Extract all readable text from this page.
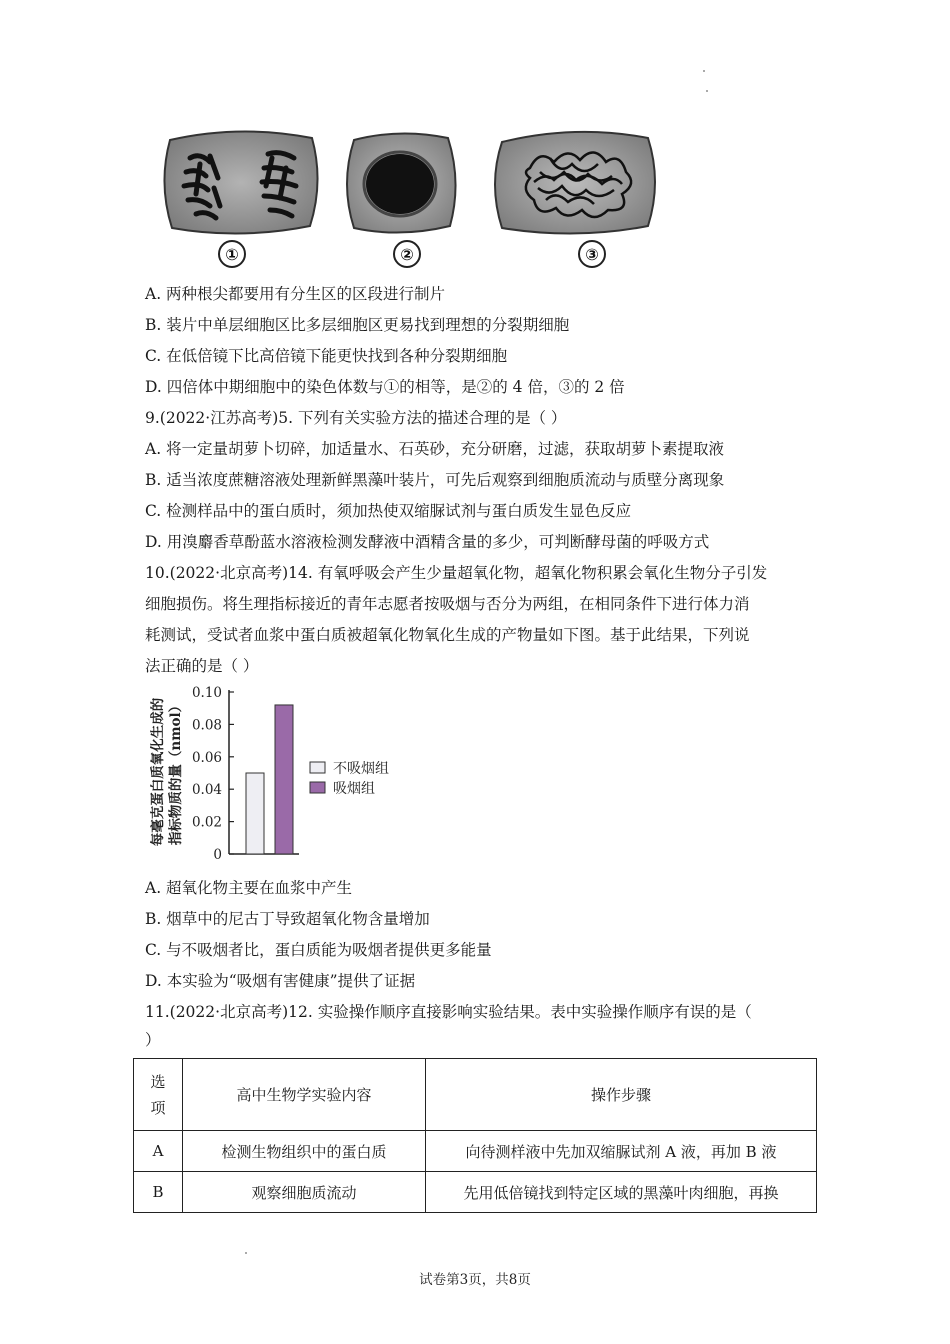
①	②	③
A. 两种根尖都要用有分生区的区段进行制片
B. 装片中单层细胞区比多层细胞区更易找到理想的分裂期细胞
C. 在低倍镜下比高倍镜下能更快找到各种分裂期细胞
D. 四倍体中期细胞中的染色体数与①的相等，是②的 4 倍，③的 2 倍
9.(2022·江苏高考)5. 下列有关实验方法的描述合理的是（ ）
A. 将一定量胡萝卜切碎，加适量水、石英砂，充分研磨，过滤，获取胡萝卜素提取液
B. 适当浓度蔗糖溶液处理新鲜黑藻叶装片，可先后观察到细胞质流动与质壁分离现象
C. 检测样品中的蛋白质时，须加热使双缩脲试剂与蛋白质发生显色反应
D. 用溴麝香草酚蓝水溶液检测发酵液中酒精含量的多少，可判断酵母菌的呼吸方式
10.(2022·北京高考)14. 有氧呼吸会产生少量超氧化物，超氧化物积累会氧化生物分子引发
细胞损伤。将生理指标接近的青年志愿者按吸烟与否分为两组，在相同条件下进行体力消
耗测试，受试者血浆中蛋白质被超氧化物氧化生成的产物量如下图。基于此结果，下列说
法正确的是（ ）
每毫克蛋白质氧化生成的 指标物质的量（nmol）
0
0.02
0.04
0.06
0.08
0.10
不吸烟组
吸烟组
A. 超氧化物主要在血浆中产生
B. 烟草中的尼古丁导致超氧化物含量增加
C. 与不吸烟者比，蛋白质能为吸烟者提供更多能量
D. 本实验为“吸烟有害健康”提供了证据
11.(2022·北京高考)12. 实验操作顺序直接影响实验结果。表中实验操作顺序有误的是（
）
选
项	高中生物学实验内容	操作步骤
A	检测生物组织中的蛋白质	向待测样液中先加双缩脲试剂 A 液，再加 B 液
B	观察细胞质流动	先用低倍镜找到特定区域的黑藻叶肉细胞，再换
试卷第3页，共8页
